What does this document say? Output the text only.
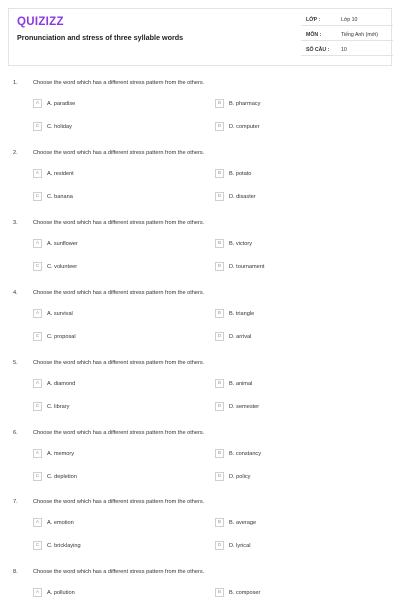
QUIZIZZ
Pronunciation and stress of three syllable words
LỚP :	Lớp 10
MÔN :	Tiếng Anh (mới)
SỐ CÂU : 10
1.	Choose the word which has a different stress pattern from the others.
A	A. paradise	B	B. pharmacy
C	C. holiday	D	D. computer
2.	Choose the word which has a different stress pattern from the others.
A	A. resident	B	B. potato
C	C. banana	D	D. disaster
3.	Choose the word which has a different stress pattern from the others.
A	A. sunflower	B	B. victory
C	C. volunteer	D	D. tournament
4.	Choose the word which has a different stress pattern from the others.
A	A. survival	B	B. triangle
C	C. proposal	D	D. arrival
5.	Choose the word which has a different stress pattern from the others.
A	A. diamond	B	B. animal
C	C. library	D	D. semester
6.	Choose the word which has a different stress pattern from the others.
A	A. memory	B	B. constancy
C	C. depletion	D	D. policy
7.	Choose the word which has a different stress pattern from the others.
A	A. emotion	B	B. average
C	C. bricklaying	D	D. lyrical
8.	Choose the word which has a different stress pattern from the others.
A	A. pollution	B	B. composer
